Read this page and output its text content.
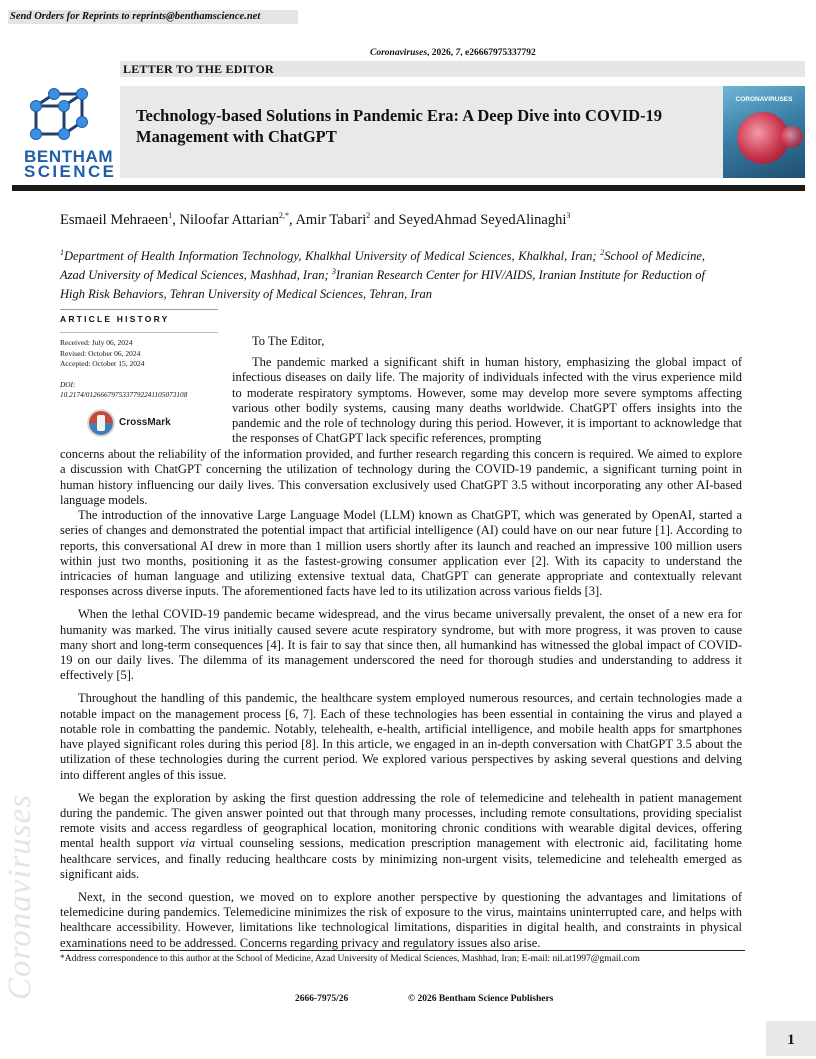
Send Orders for Reprints to reprints@benthamscience.net
Coronaviruses, 2026, 7, e26667975337792
LETTER TO THE EDITOR
BENTHAM
SCIENCE
Technology-based Solutions in Pandemic Era: A Deep Dive into COVID-19 Management with ChatGPT
CORONAVIRUSES
Esmaeil Mehraeen$^1$, Niloofar Attarian$^{2,*}$, Amir Tabari$^2$ and SeyedAhmad SeyedAlinaghi$^3$
$^1$Department of Health Information Technology, Khalkhal University of Medical Sciences, Khalkhal, Iran; $^2$School of Medicine, Azad University of Medical Sciences, Mashhad, Iran; $^3$Iranian Research Center for HIV/AIDS, Iranian Institute for Reduction of High Risk Behaviors, Tehran University of Medical Sciences, Tehran, Iran
ARTICLE HISTORY
Received: July 06, 2024
Revised: October 06, 2024
Accepted: October 15, 2024
DOI:
10.2174/0126667975337792241105073108
CrossMark
To The Editor,

The pandemic marked a significant shift in human history, emphasizing the global impact of infectious diseases on daily life. The majority of individuals infected with the virus experience mild to moderate respiratory symptoms. However, some may develop more severe symptoms affecting various other bodily systems, causing many deaths worldwide. ChatGPT offers insights into the pandemic and the role of technology during this period. However, it is important to acknowledge that the responses of ChatGPT lack specific references, prompting

concerns about the reliability of the information provided, and further research regarding this concern is required. We aimed to explore a discussion with ChatGPT concerning the utilization of technology during the COVID-19 pandemic, a significant turning point in human history influencing our daily lives. This conversation exclusively used ChatGPT 3.5 without incorporating any other AI-based language models.

The introduction of the innovative Large Language Model (LLM) known as ChatGPT, which was generated by OpenAI, started a series of changes and demonstrated the potential impact that artificial intelligence (AI) could have on our near future [1]. According to reports, this conversational AI drew in more than 1 million users shortly after its launch and reached an impressive 100 million users within just two months, positioning it as the fastest-growing consumer application ever [2]. With its capacity to understand the intricacies of human language and utilizing extensive textual data, ChatGPT can generate appropriate and contextually relevant responses across diverse inputs. The aforementioned facts have led to its utilization across various fields [3].

When the lethal COVID-19 pandemic became widespread, and the virus became universally prevalent, the onset of a new era for humanity was marked. The virus initially caused severe acute respiratory syndrome, but with more progress, it was proven to cause many short and long-term consequences [4]. It is fair to say that since then, all humankind has witnessed the global impact of COVID-19 on our daily lives. The dilemma of its management underscored the need for thorough studies and understanding to address it effectively [5].

Throughout the handling of this pandemic, the healthcare system employed numerous resources, and certain technologies made a notable impact on the management process [6, 7]. Each of these technologies has been essential in containing the virus and played a notable role in combatting the pandemic. Notably, telehealth, e-health, artificial intelligence, and mobile health apps for smartphones have played significant roles during this period [8]. In this article, we engaged in an in-depth conversation with ChatGPT 3.5 about the utilization of these technologies during the current period. We explored various perspectives by asking several questions and delving into different angles of this issue.

We began the exploration by asking the first question addressing the role of telemedicine and telehealth in patient management during the pandemic. The given answer pointed out that through many processes, including remote consultations, providing specialist remote visits and access regardless of geographical location, monitoring chronic conditions with wearable digital devices, offering mental health support via virtual counseling sessions, medication prescription management with electronic aid, facilitating home healthcare services, and finally reducing healthcare costs by minimizing non-urgent visits, telemedicine and telehealth emerged as significant aids.

Next, in the second question, we moved on to explore another perspective by questioning the advantages and limitations of telemedicine during pandemics. Telemedicine minimizes the risk of exposure to the virus, maintains uninterrupted care, and helps with healthcare accessibility. However, limitations like technological limitations, disparities in digital health, and constraints in physical examinations need to be addressed. Concerns regarding privacy and regulatory issues also arise.

*Address correspondence to this author at the School of Medicine, Azad University of Medical Sciences, Mashhad, Iran; E-mail: nil.at1997@gmail.com
2666-7975/26	© 2026 Bentham Science Publishers
1
Coronaviruses
